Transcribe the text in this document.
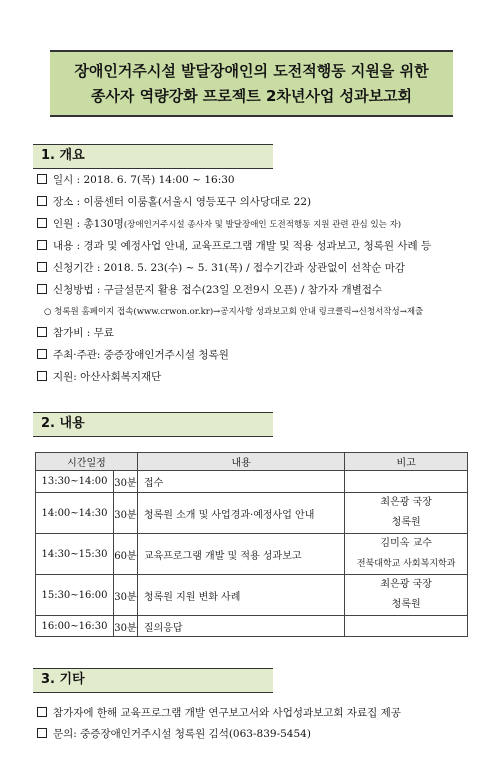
장애인거주시설 발달장애인의 도전적행동 지원을 위한
종사자 역량강화 프로젝트 2차년사업 성과보고회
1. 개요
일시 : 2018. 6. 7(목) 14:00 ~ 16:30
장소 : 이룸센터 이룸홀(서울시 영등포구 의사당대로 22)
인원 : 총130명(장애인거주시설 종사자 및 발달장애인 도전적행동 지원 관련 관심 있는 자)
내용 : 경과 및 예정사업 안내, 교육프로그램 개발 및 적용 성과보고, 청록원 사례 등
신청기간 : 2018. 5. 23(수) ~ 5. 31(목) / 접수기간과 상관없이 선착순 마감
신청방법 : 구글설문지 활용 접수(23일 오전9시 오픈) / 참가자 개별접수
○ 청록원 홈페이지 접속(www.crwon.or.kr)→공지사항 성과보고회 안내 링크클릭→신청서작성→제출
참가비 : 무료
주최·주관: 중증장애인거주시설 청록원
지원: 아산사회복지재단
2. 내용
시간일정		내용	비고
13:30~14:00	30분	접수	
14:00~14:30	30분	청록원 소개 및 사업경과·예정사업 안내	최은광 국장
청록원

14:30~15:30	60분	교육프로그램 개발 및 적용 성과보고	김미옥 교수
전북대학교 사회복지학과

15:30~16:00	30분	청록원 지원 변화 사례	최은광 국장
청록원

16:00~16:30	30분	질의응답	
3. 기타
참가자에 한해 교육프로그램 개발 연구보고서와 사업성과보고회 자료집 제공
문의: 중증장애인거주시설 청록원 김석(063-839-5454)
